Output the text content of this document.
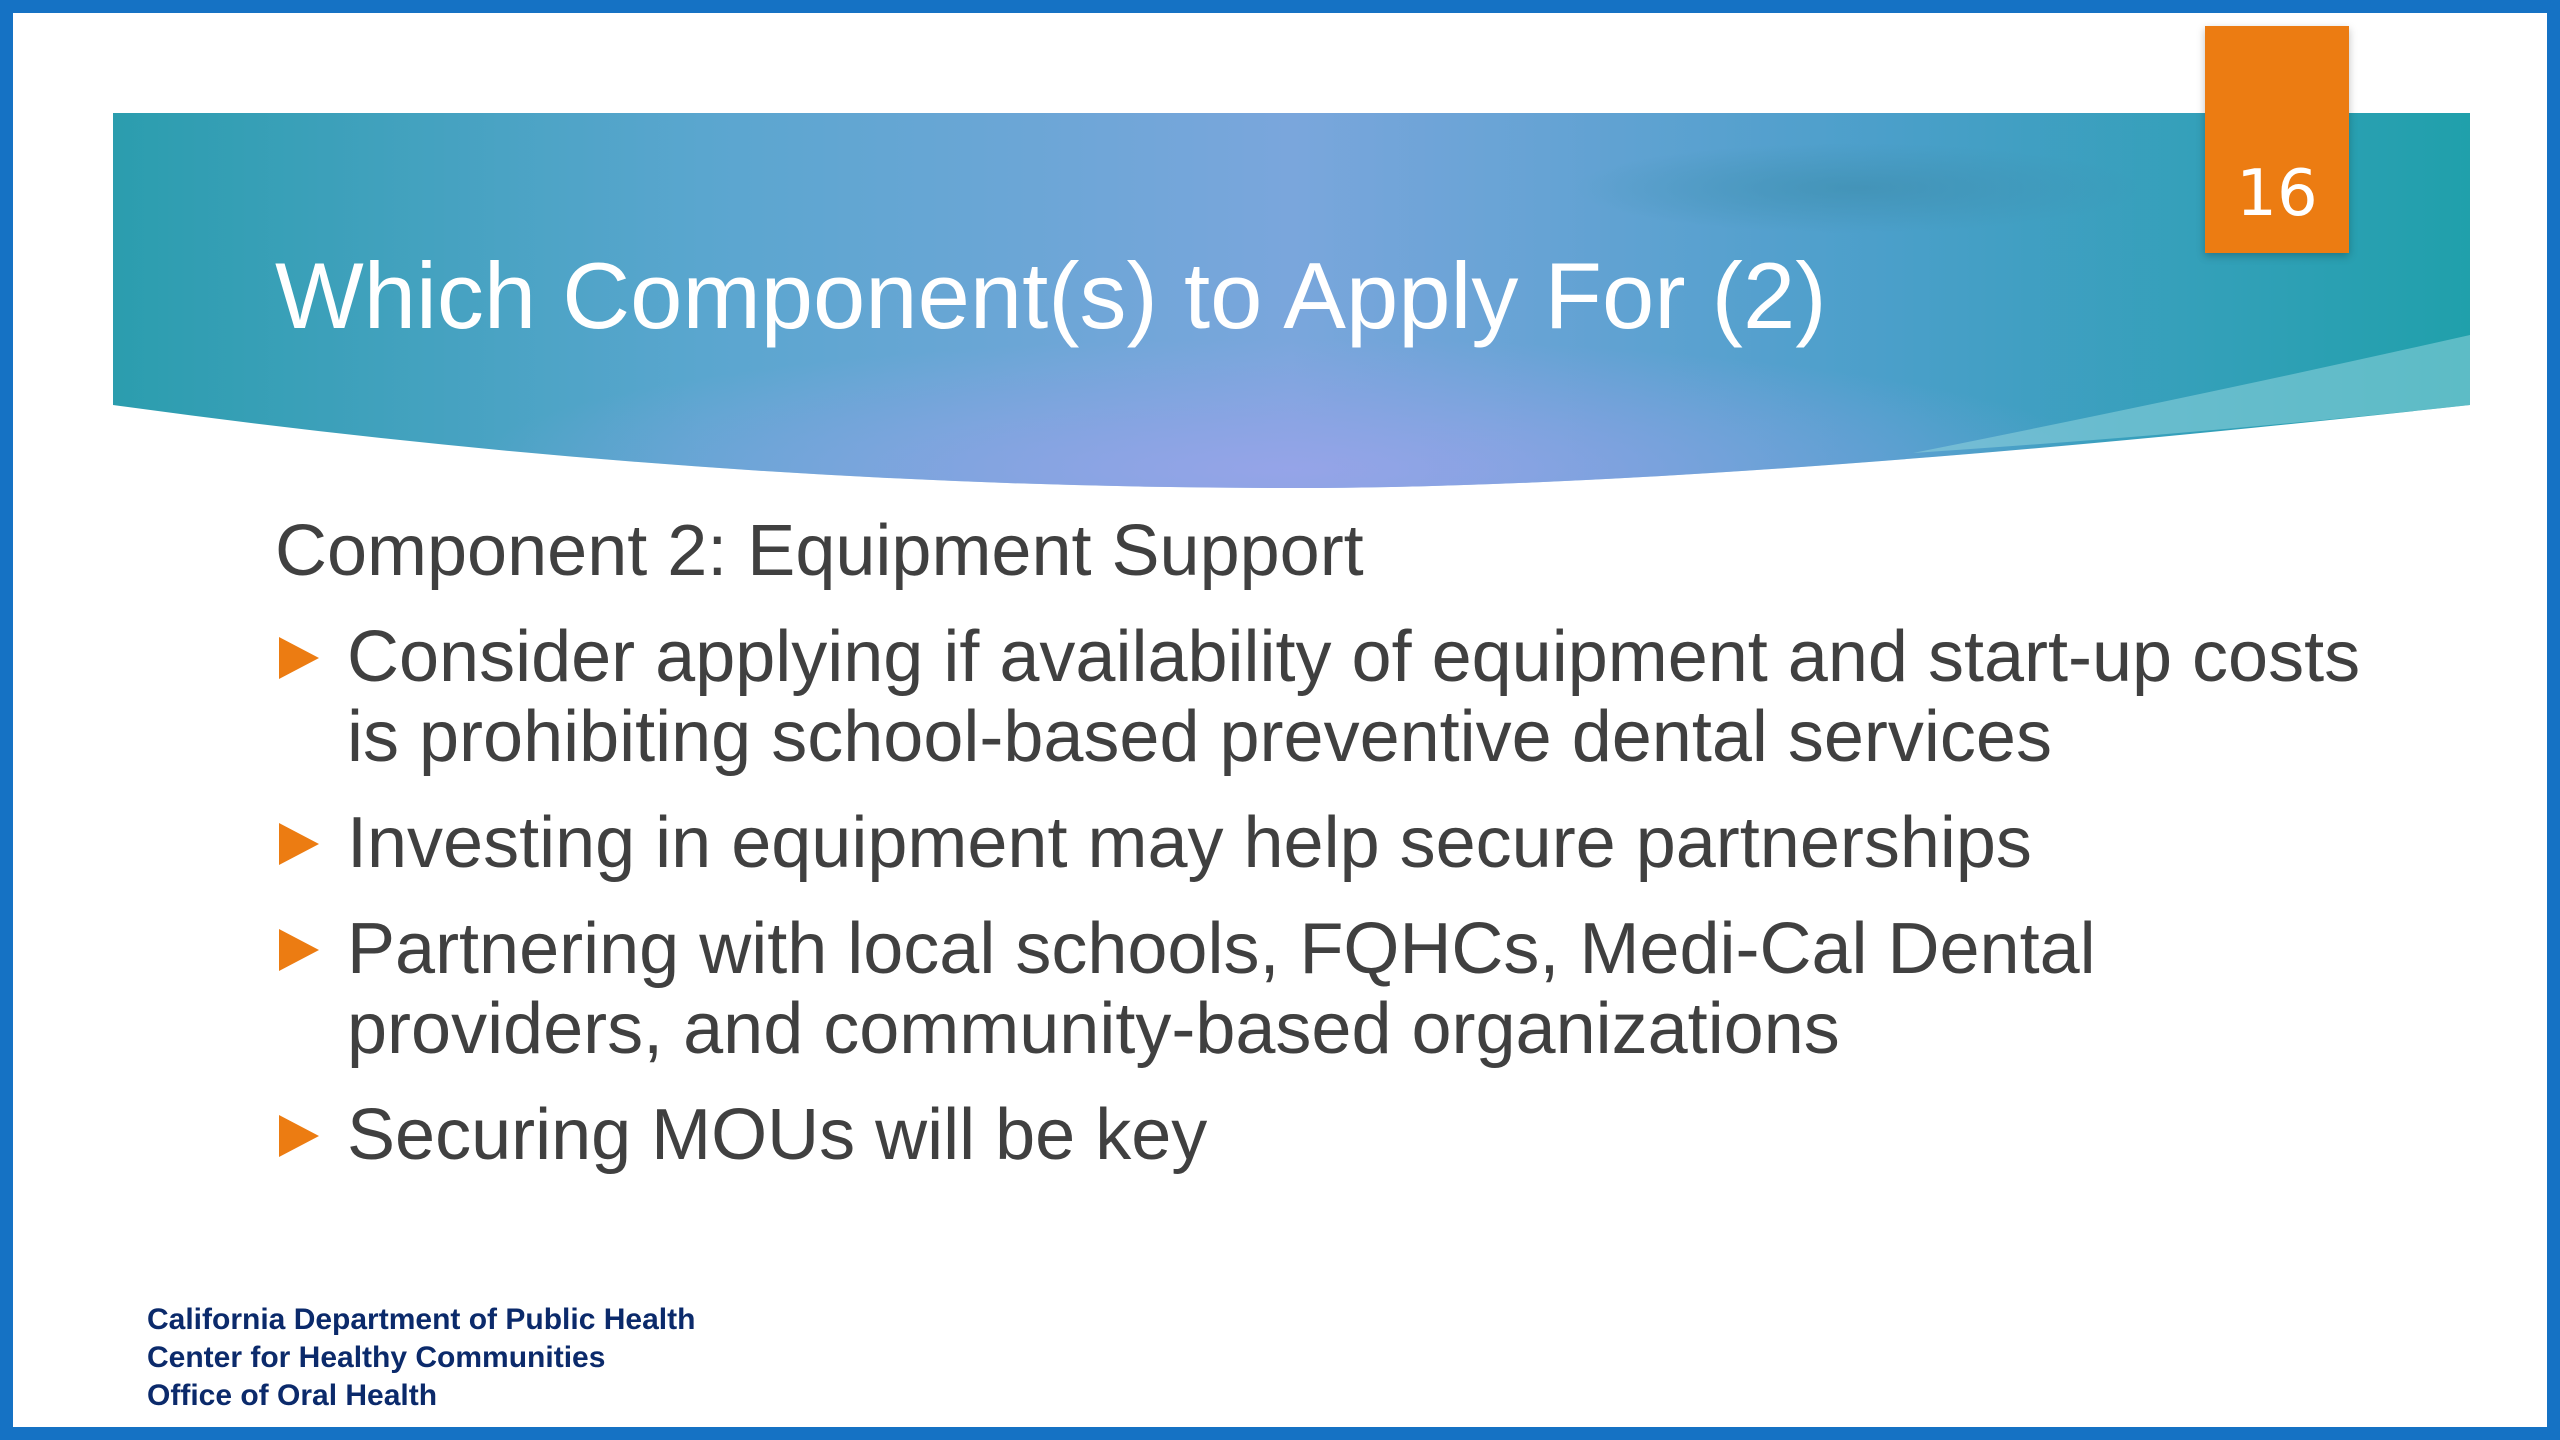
16
Which Component(s) to Apply For (2)
Component 2: Equipment Support
Consider applying if availability of equipment and start-up costs is prohibiting school-based preventive dental services
Investing in equipment may help secure partnerships
Partnering with local schools, FQHCs, Medi-Cal Dental providers, and community-based organizations
Securing MOUs will be key
California Department of Public Health
Center for Healthy Communities
Office of Oral Health
